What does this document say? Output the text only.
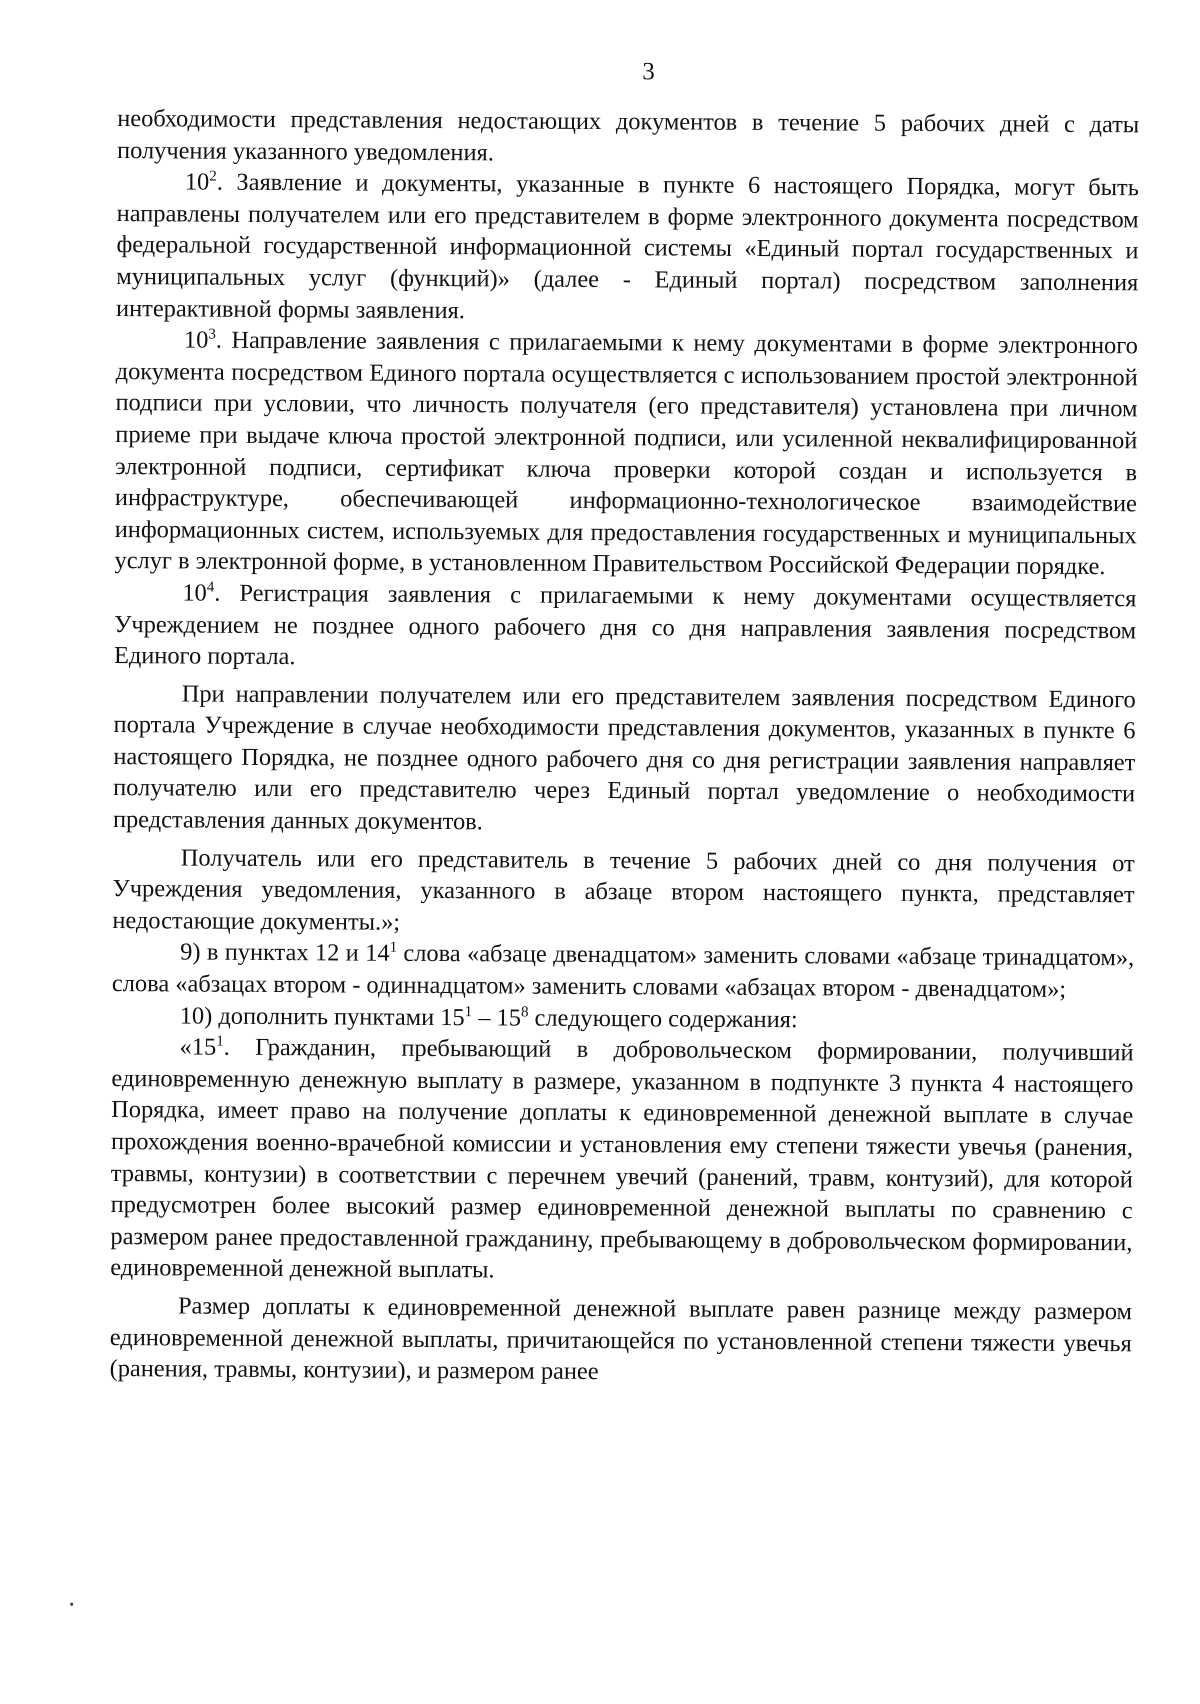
3

необходимости представления недостающих документов в течение 5 рабочих дней с даты получения указанного уведомления.

$10^2$. Заявление и документы, указанные в пункте 6 настоящего Порядка, могут быть направлены получателем или его представителем в форме электронного документа посредством федеральной государственной информационной системы «Единый портал государственных и муниципальных услуг (функций)» (далее - Единый портал) посредством заполнения интерактивной формы заявления.

$10^3$. Направление заявления с прилагаемыми к нему документами в форме электронного документа посредством Единого портала осуществляется с использованием простой электронной подписи при условии, что личность получателя (его представителя) установлена при личном приеме при выдаче ключа простой электронной подписи, или усиленной неквалифицированной электронной подписи, сертификат ключа проверки которой создан и используется в инфраструктуре, обеспечивающей информационно-технологическое взаимодействие информационных систем, используемых для предоставления государственных и муниципальных услуг в электронной форме, в установленном Правительством Российской Федерации порядке.

$10^4$. Регистрация заявления с прилагаемыми к нему документами осуществляется Учреждением не позднее одного рабочего дня со дня направления заявления посредством Единого портала.

При направлении получателем или его представителем заявления посредством Единого портала Учреждение в случае необходимости представления документов, указанных в пункте 6 настоящего Порядка, не позднее одного рабочего дня со дня регистрации заявления направляет получателю или его представителю через Единый портал уведомление о необходимости представления данных документов.

Получатель или его представитель в течение 5 рабочих дней со дня получения от Учреждения уведомления, указанного в абзаце втором настоящего пункта, представляет недостающие документы.»;

9) в пунктах 12 и $14^1$ слова «абзаце двенадцатом» заменить словами «абзаце тринадцатом», слова «абзацах втором - одиннадцатом» заменить словами «абзацах втором - двенадцатом»;

10) дополнить пунктами $15^1 - 15^8$ следующего содержания:

«$15^1$. Гражданин, пребывающий в добровольческом формировании, получивший единовременную денежную выплату в размере, указанном в подпункте 3 пункта 4 настоящего Порядка, имеет право на получение доплаты к единовременной денежной выплате в случае прохождения военно-врачебной комиссии и установления ему степени тяжести увечья (ранения, травмы, контузии) в соответствии с перечнем увечий (ранений, травм, контузий), для которой предусмотрен более высокий размер единовременной денежной выплаты по сравнению с размером ранее предоставленной гражданину, пребывающему в добровольческом формировании, единовременной денежной выплаты.

Размер доплаты к единовременной денежной выплате равен разнице между размером единовременной денежной выплаты, причитающейся по установленной степени тяжести увечья (ранения, травмы, контузии), и размером ранее
